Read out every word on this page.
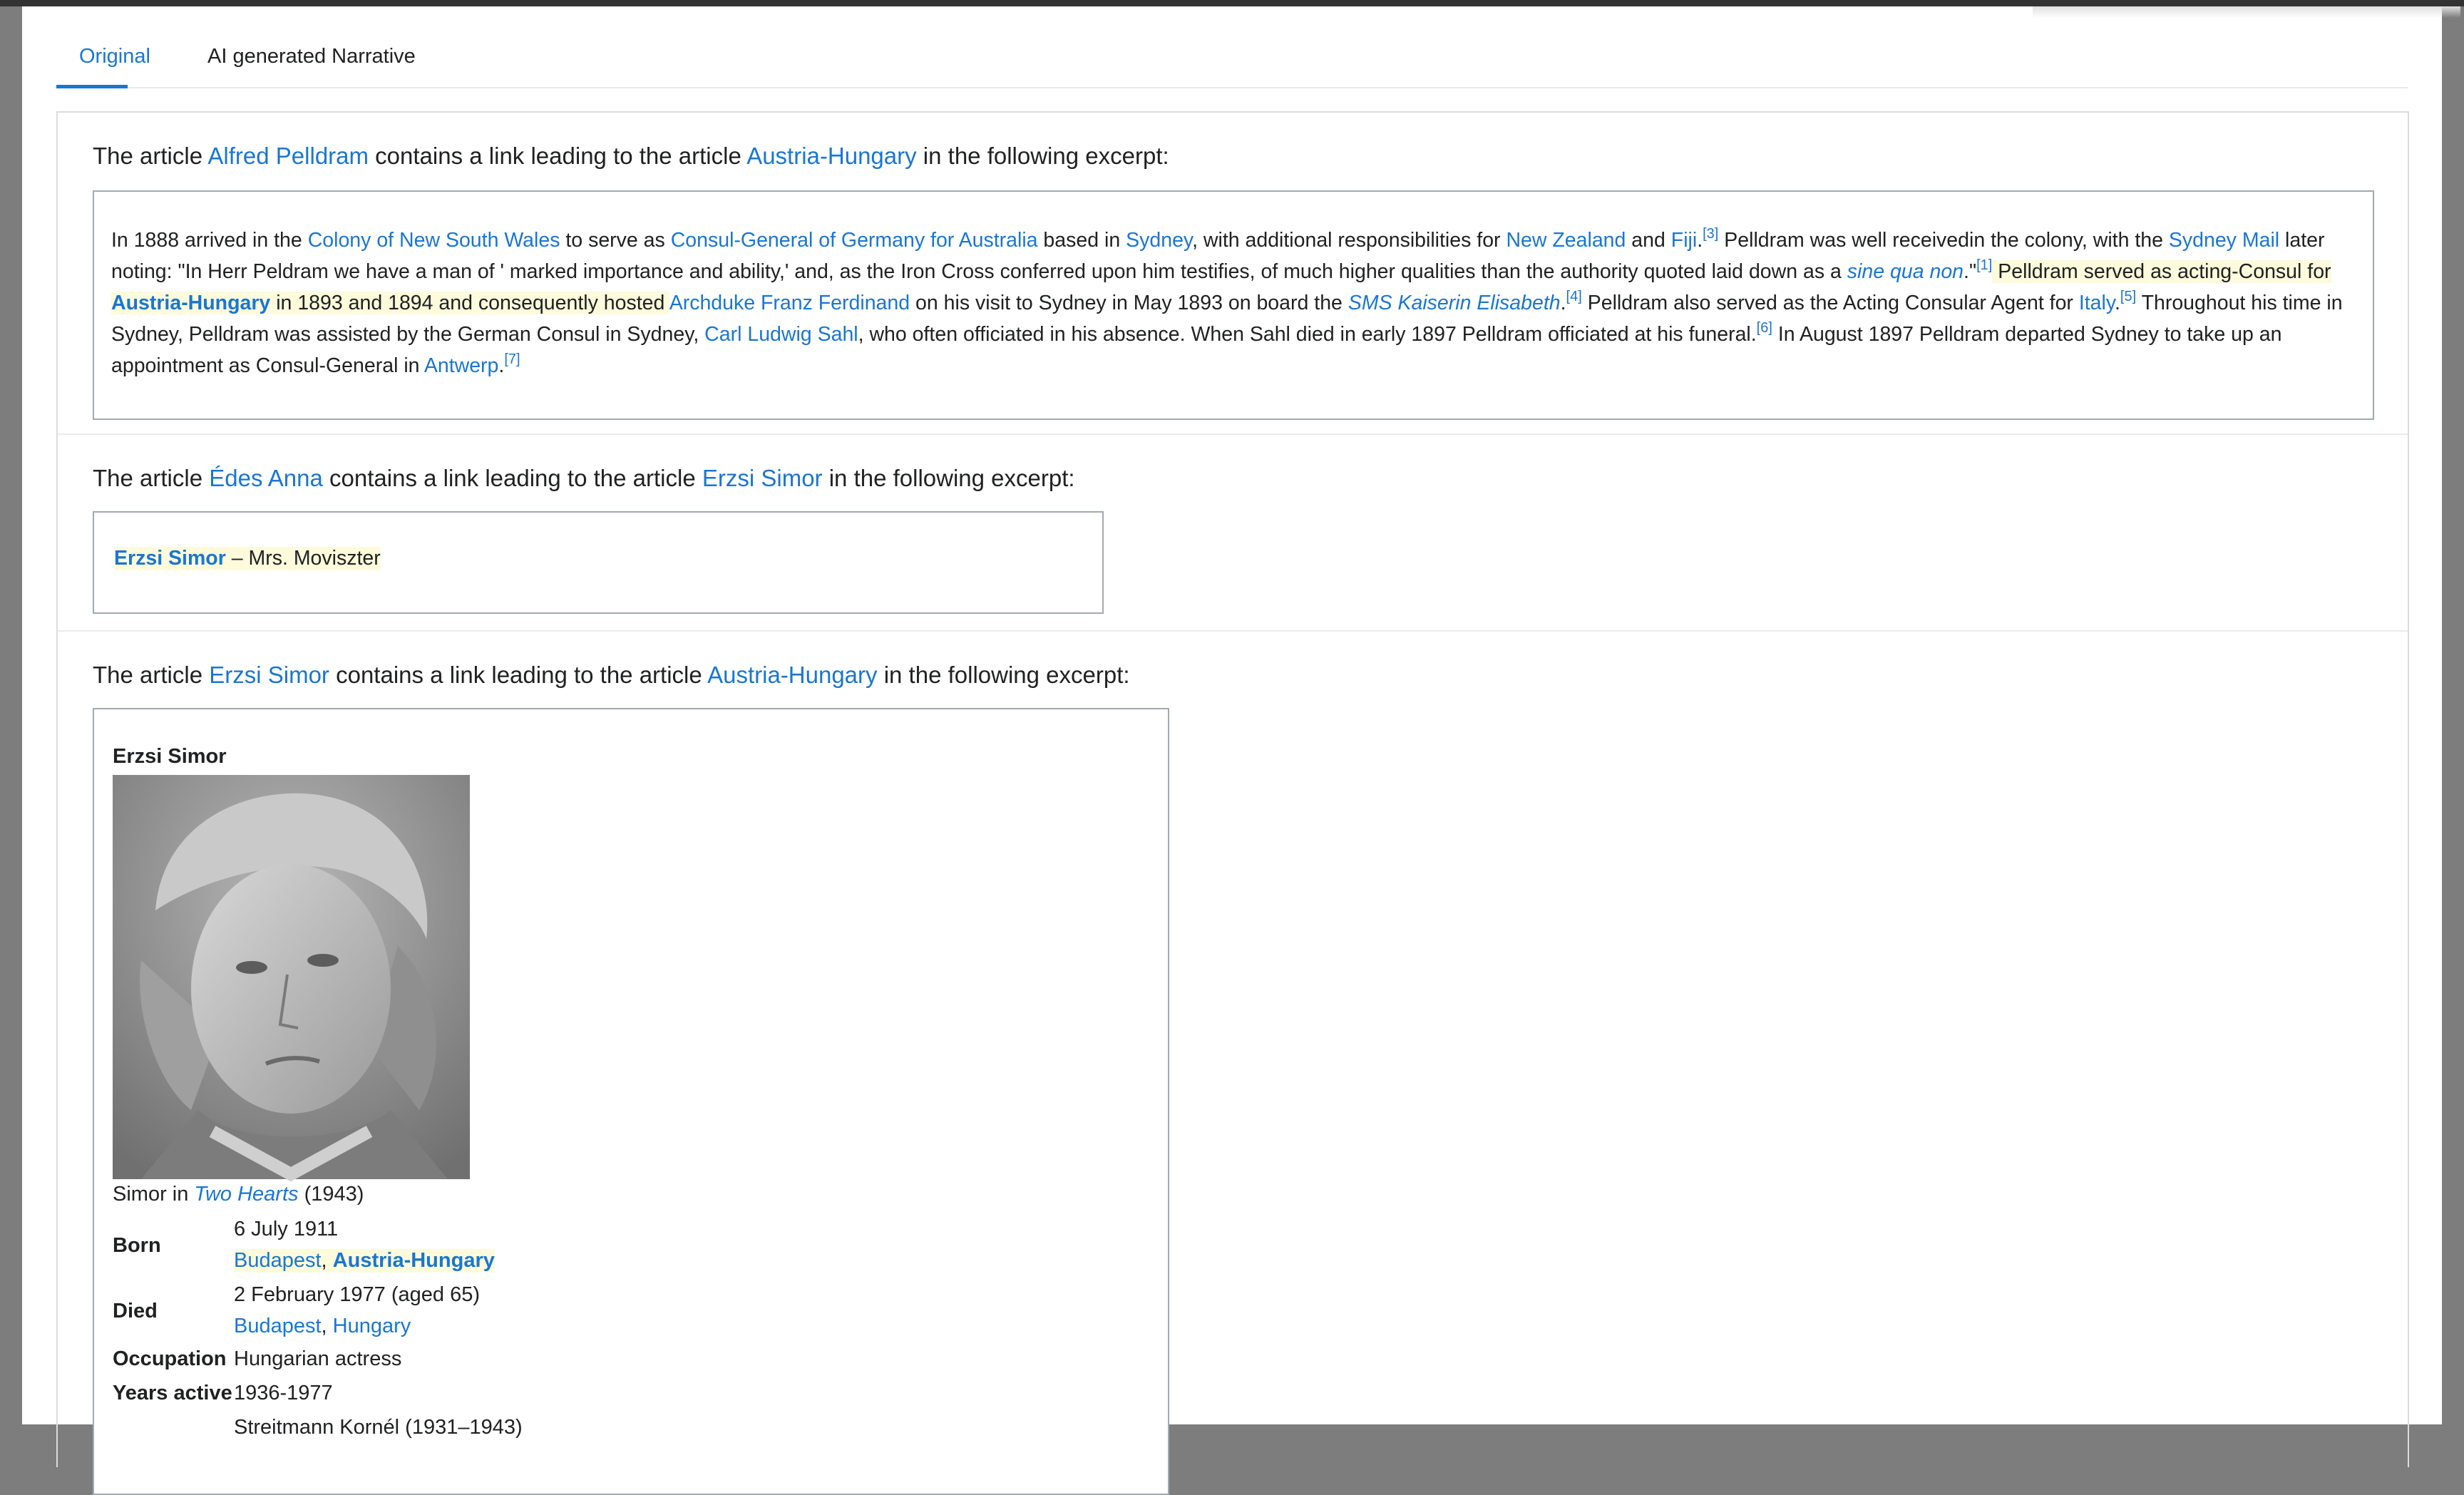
Original	AI generated Narrative
The article Alfred Pelldram contains a link leading to the article Austria-Hungary in the following excerpt:
In 1888 arrived in the Colony of New South Wales to serve as Consul-General of Germany for Australia based in Sydney, with additional responsibilities for New Zealand and Fiji.[3] Pelldram was well receivedin the colony, with the Sydney Mail later noting: "In Herr Peldram we have a man of ' marked importance and ability,' and, as the Iron Cross conferred upon him testifies, of much higher qualities than the authority quoted laid down as a sine qua non."[1] Pelldram served as acting-Consul for Austria-Hungary in 1893 and 1894 and consequently hosted Archduke Franz Ferdinand on his visit to Sydney in May 1893 on board the SMS Kaiserin Elisabeth.[4] Pelldram also served as the Acting Consular Agent for Italy.[5] Throughout his time in Sydney, Pelldram was assisted by the German Consul in Sydney, Carl Ludwig Sahl, who often officiated in his absence. When Sahl died in early 1897 Pelldram officiated at his funeral.[6] In August 1897 Pelldram departed Sydney to take up an appointment as Consul-General in Antwerp.[7]
The article Édes Anna contains a link leading to the article Erzsi Simor in the following excerpt:
Erzsi Simor – Mrs. Moviszter
The article Erzsi Simor contains a link leading to the article Austria-Hungary in the following excerpt:
Erzsi Simor
Simor in Two Hearts (1943)
Born
6 July 1911
Budapest, Austria-Hungary
Died
2 February 1977 (aged 65)
Budapest, Hungary
Occupation Hungarian actress
Years active 1936-1977
Streitmann Kornél (1931–1943)
